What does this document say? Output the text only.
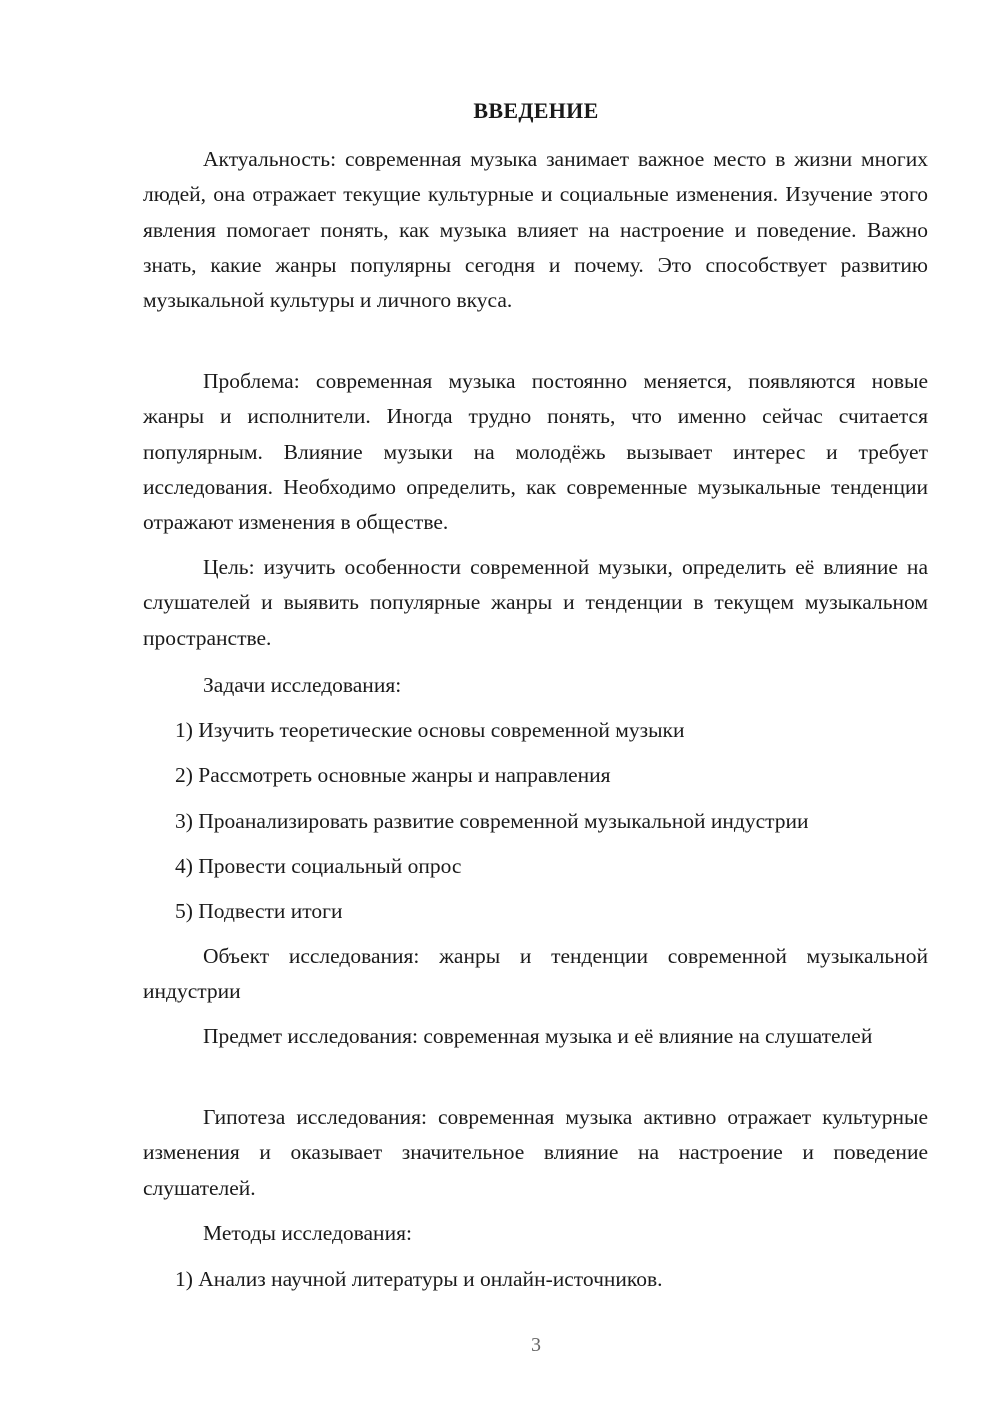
ВВЕДЕНИЕ

Актуальность: современная музыка занимает важное место в жизни многих людей, она отражает текущие культурные и социальные изменения. Изучение этого явления помогает понять, как музыка влияет на настроение и поведение. Важно знать, какие жанры популярны сегодня и почему. Это способствует развитию музыкальной культуры и личного вкуса.

Проблема: современная музыка постоянно меняется, появляются новые жанры и исполнители. Иногда трудно понять, что именно сейчас считается популярным. Влияние музыки на молодёжь вызывает интерес и требует исследования. Необходимо определить, как современные музыкальные тенденции отражают изменения в обществе.

Цель: изучить особенности современной музыки, определить её влияние на слушателей и выявить популярные жанры и тенденции в текущем музыкальном пространстве.

Задачи исследования:

1) Изучить теоретические основы современной музыки

2) Рассмотреть основные жанры и направления

3) Проанализировать развитие современной музыкальной индустрии

4) Провести социальный опрос

5) Подвести итоги

Объект исследования: жанры и тенденции современной музыкальной индустрии

Предмет исследования: современная музыка и её влияние на слушателей

Гипотеза исследования: современная музыка активно отражает культурные изменения и оказывает значительное влияние на настроение и поведение слушателей.

Методы исследования:

1) Анализ научной литературы и онлайн-источников.

3
